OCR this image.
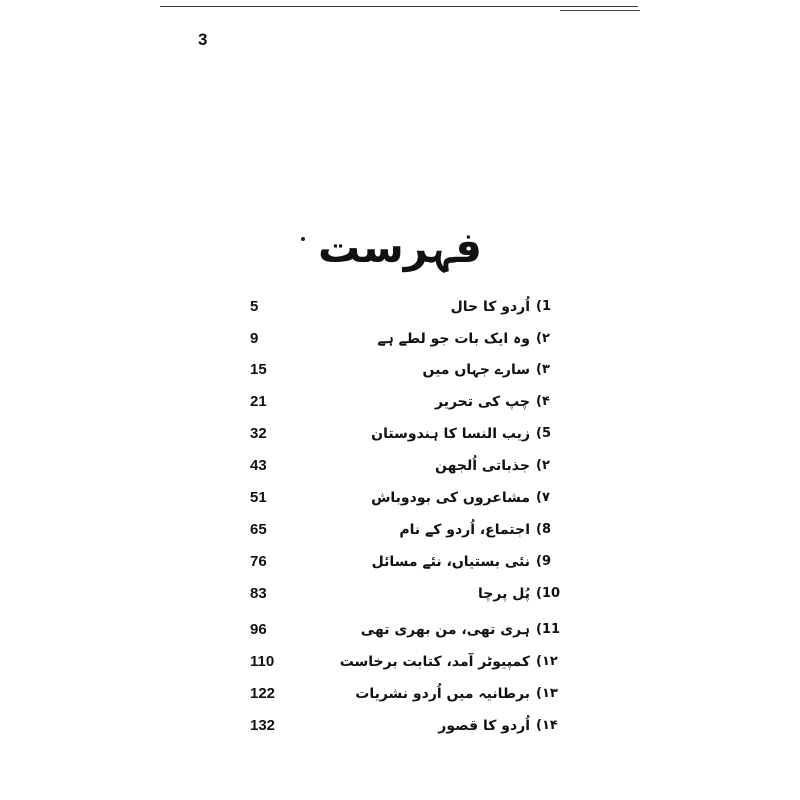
3
فہرست
5	اُردو کا حال (1
9	وہ ایک بات جو لطے ہے (۲
15	سارے جہاں میں (۳
21	چپ کی تحریر (۴
32	زیب النسا کا ہندوستان (5
43	جذباتی اُلجھن (۲
51	مشاعروں کی بودوباش (۷
65	اجتماع، اُردو کے نام (8
76	نئی بستیاں، نئے مسائل (9
83	پُل پرچا (10
96	ہری تھی، من بھری تھی (11
110	کمپیوٹر آمد، کتابت برخاست (۱۲
122	برطانیہ میں اُردو نشریات (۱۳
132	اُردو کا قصور (۱۴
